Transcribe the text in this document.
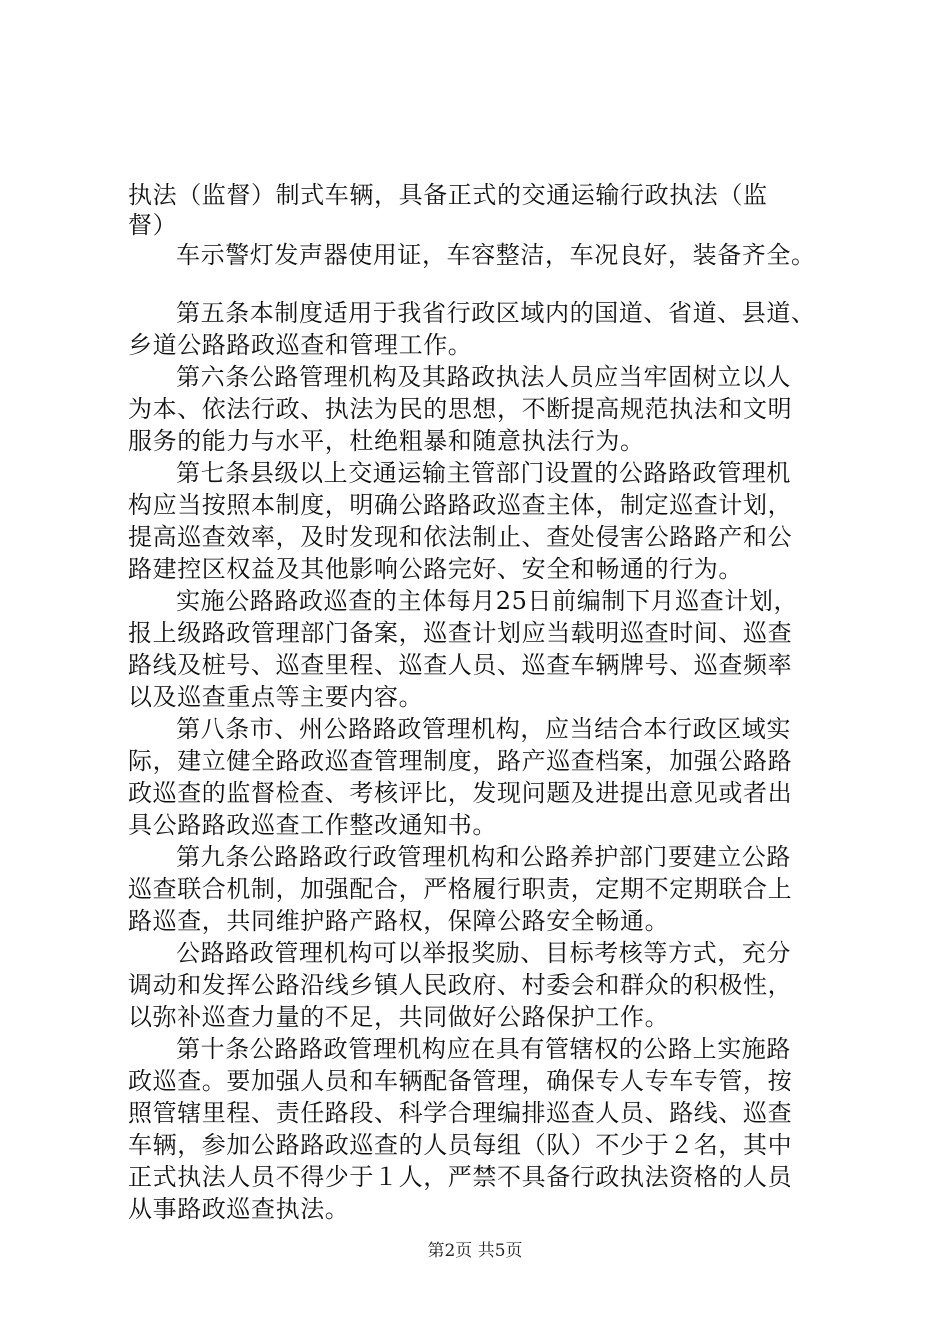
执法（监督）制式车辆，具备正式的交通运输行政执法（监
督）
车示警灯发声器使用证，车容整洁，车况良好，装备齐全。
第五条本制度适用于我省行政区域内的国道、省道、县道、
乡道公路路政巡查和管理工作。
第六条公路管理机构及其路政执法人员应当牢固树立以人
为本、依法行政、执法为民的思想，不断提高规范执法和文明
服务的能力与水平，杜绝粗暴和随意执法行为。
第七条县级以上交通运输主管部门设置的公路路政管理机
构应当按照本制度，明确公路路政巡查主体，制定巡查计划，
提高巡查效率，及时发现和依法制止、查处侵害公路路产和公
路建控区权益及其他影响公路完好、安全和畅通的行为。
实施公路路政巡查的主体每月25日前编制下月巡查计划，
报上级路政管理部门备案，巡查计划应当载明巡查时间、巡查
路线及桩号、巡查里程、巡查人员、巡查车辆牌号、巡查频率
以及巡查重点等主要内容。
第八条市、州公路路政管理机构，应当结合本行政区域实
际，建立健全路政巡查管理制度，路产巡查档案，加强公路路
政巡查的监督检查、考核评比，发现问题及进提出意见或者出
具公路路政巡查工作整改通知书。
第九条公路路政行政管理机构和公路养护部门要建立公路
巡查联合机制，加强配合，严格履行职责，定期不定期联合上
路巡查，共同维护路产路权，保障公路安全畅通。
公路路政管理机构可以举报奖励、目标考核等方式，充分
调动和发挥公路沿线乡镇人民政府、村委会和群众的积极性，
以弥补巡查力量的不足，共同做好公路保护工作。
第十条公路路政管理机构应在具有管辖权的公路上实施路
政巡查。要加强人员和车辆配备管理，确保专人专车专管，按
照管辖里程、责任路段、科学合理编排巡查人员、路线、巡查
车辆，参加公路路政巡查的人员每组（队）不少于２名，其中
正式执法人员不得少于１人，严禁不具备行政执法资格的人员
从事路政巡查执法。
第2页 共5页
